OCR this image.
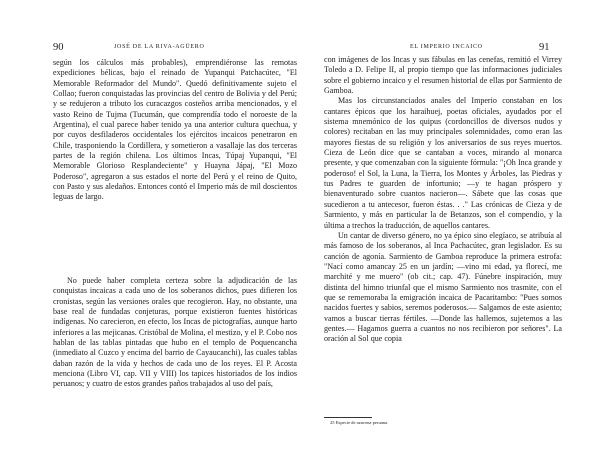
90	JOSÉ DE LA RIVA-AGÜERO

según los cálculos más probables), emprendiéronse las remotas expediciones bélicas, bajo el reinado de Yupanqui Patchacútec, "El Memorable Reformador del Mundo". Quedó definitivamente sujeto el Collao; fueron conquistadas las provincias del centro de Bolivia y del Perú; y se redujeron a tributo los curacazgos costeños arriba mencionados, y el vasto Reino de Tujma (Tucumán, que comprendía todo el noroeste de la Argentina), el cual parece haber tenido ya una anterior cultura quechua, y por cuyos desfiladeros occidentales los ejércitos incaicos penetraron en Chile, trasponiendo la Cordillera, y sometieron a vasallaje las dos terceras partes de la región chilena. Los últimos Incas, Túpaj Yupanqui, "El Memorable Glorioso Resplandeciente" y Huayna Jápaj, "El Mozo Poderoso", agregaron a sus estados el norte del Perú y el reino de Quito, con Pasto y sus aledaños. Entonces contó el Imperio más de mil doscientos leguas de largo.

No puede haber completa certeza sobre la adjudicación de las conquistas incaicas a cada uno de los soberanos dichos, pues difieren los cronistas, según las versiones orales que recogieron. Hay, no obstante, una base real de fundadas conjeturas, porque existieron fuentes históricas indígenas. No carecieron, en efecto, los Incas de pictografías, aunque harto inferiores a las mejicanas. Cristóbal de Molina, el mestizo, y el P. Cobo nos hablan de las tablas pintadas que hubo en el templo de Poquencancha (inmediato al Cuzco y encima del barrio de Cayaucanchi), las cuales tablas daban razón de la vida y hechos de cada uno de los reyes. El P. Acosta menciona (Libro VI, cap. VII y VIII) los tapices historiados de los indios peruanos; y cuatro de estos grandes paños trabajados al uso del país,

EL IMPERIO INCAICO	91

con imágenes de los Incas y sus fábulas en las cenefas, remitió el Virrey Toledo a D. Felipe II, al propio tiempo que las informaciones judiciales sobre el gobierno incaico y el resumen historial de ellas por Sarmiento de Gamboa.

Mas los circunstanciados anales del Imperio constaban en los cantares épicos que los haraihuej, poetas oficiales, ayudados por el sistema mnemónico de los quipus (cordoncillos de diversos nudos y colores) recitaban en las muy principales solemnidades, como eran las mayores fiestas de su religión y los aniversarios de sus reyes muertos. Cieza de León dice que se cantaban a voces, mirando al monarca presente, y que comenzaban con la siguiente fórmula: "¡Oh Inca grande y poderoso! el Sol, la Luna, la Tierra, los Montes y Árboles, las Piedras y tus Padres te guarden de infortunio; —y te hagan próspero y bienaventurado sobre cuantos nacieron—. Sábete que las cosas que sucedieron a tu antecesor, fueron éstas. . ." Las crónicas de Cieza y de Sarmiento, y más en particular la de Betanzos, son el compendio, y la última a trechos la traducción, de aquellos cantares.

Un cantar de diverso género, no ya épico sino elegíaco, se atribuía al más famoso de los soberanos, al Inca Pachacútec, gran legislador. Es su canción de agonía. Sarmiento de Gamboa reproduce la primera estrofa: "Nací como amancay 25 en un jardín; —vino mi edad, ya florecí, me marchité y me muero" (ob cit.; cap. 47). Fúnebre inspiración, muy distinta del himno triunfal que el mismo Sarmiento nos trasmite, con el que se rememoraba la emigración incaica de Pacaritambo: "Pues somos nacidos fuertes y sabios, seremos poderosos.— Salgamos de este asiento; vamos a buscar tierras fértiles. —Donde las hallemos, sujetemos a las gentes.— Hagamos guerra a cuantos no nos recibieron por señores". La oración al Sol que copia

25 Especie de azucena peruana.
